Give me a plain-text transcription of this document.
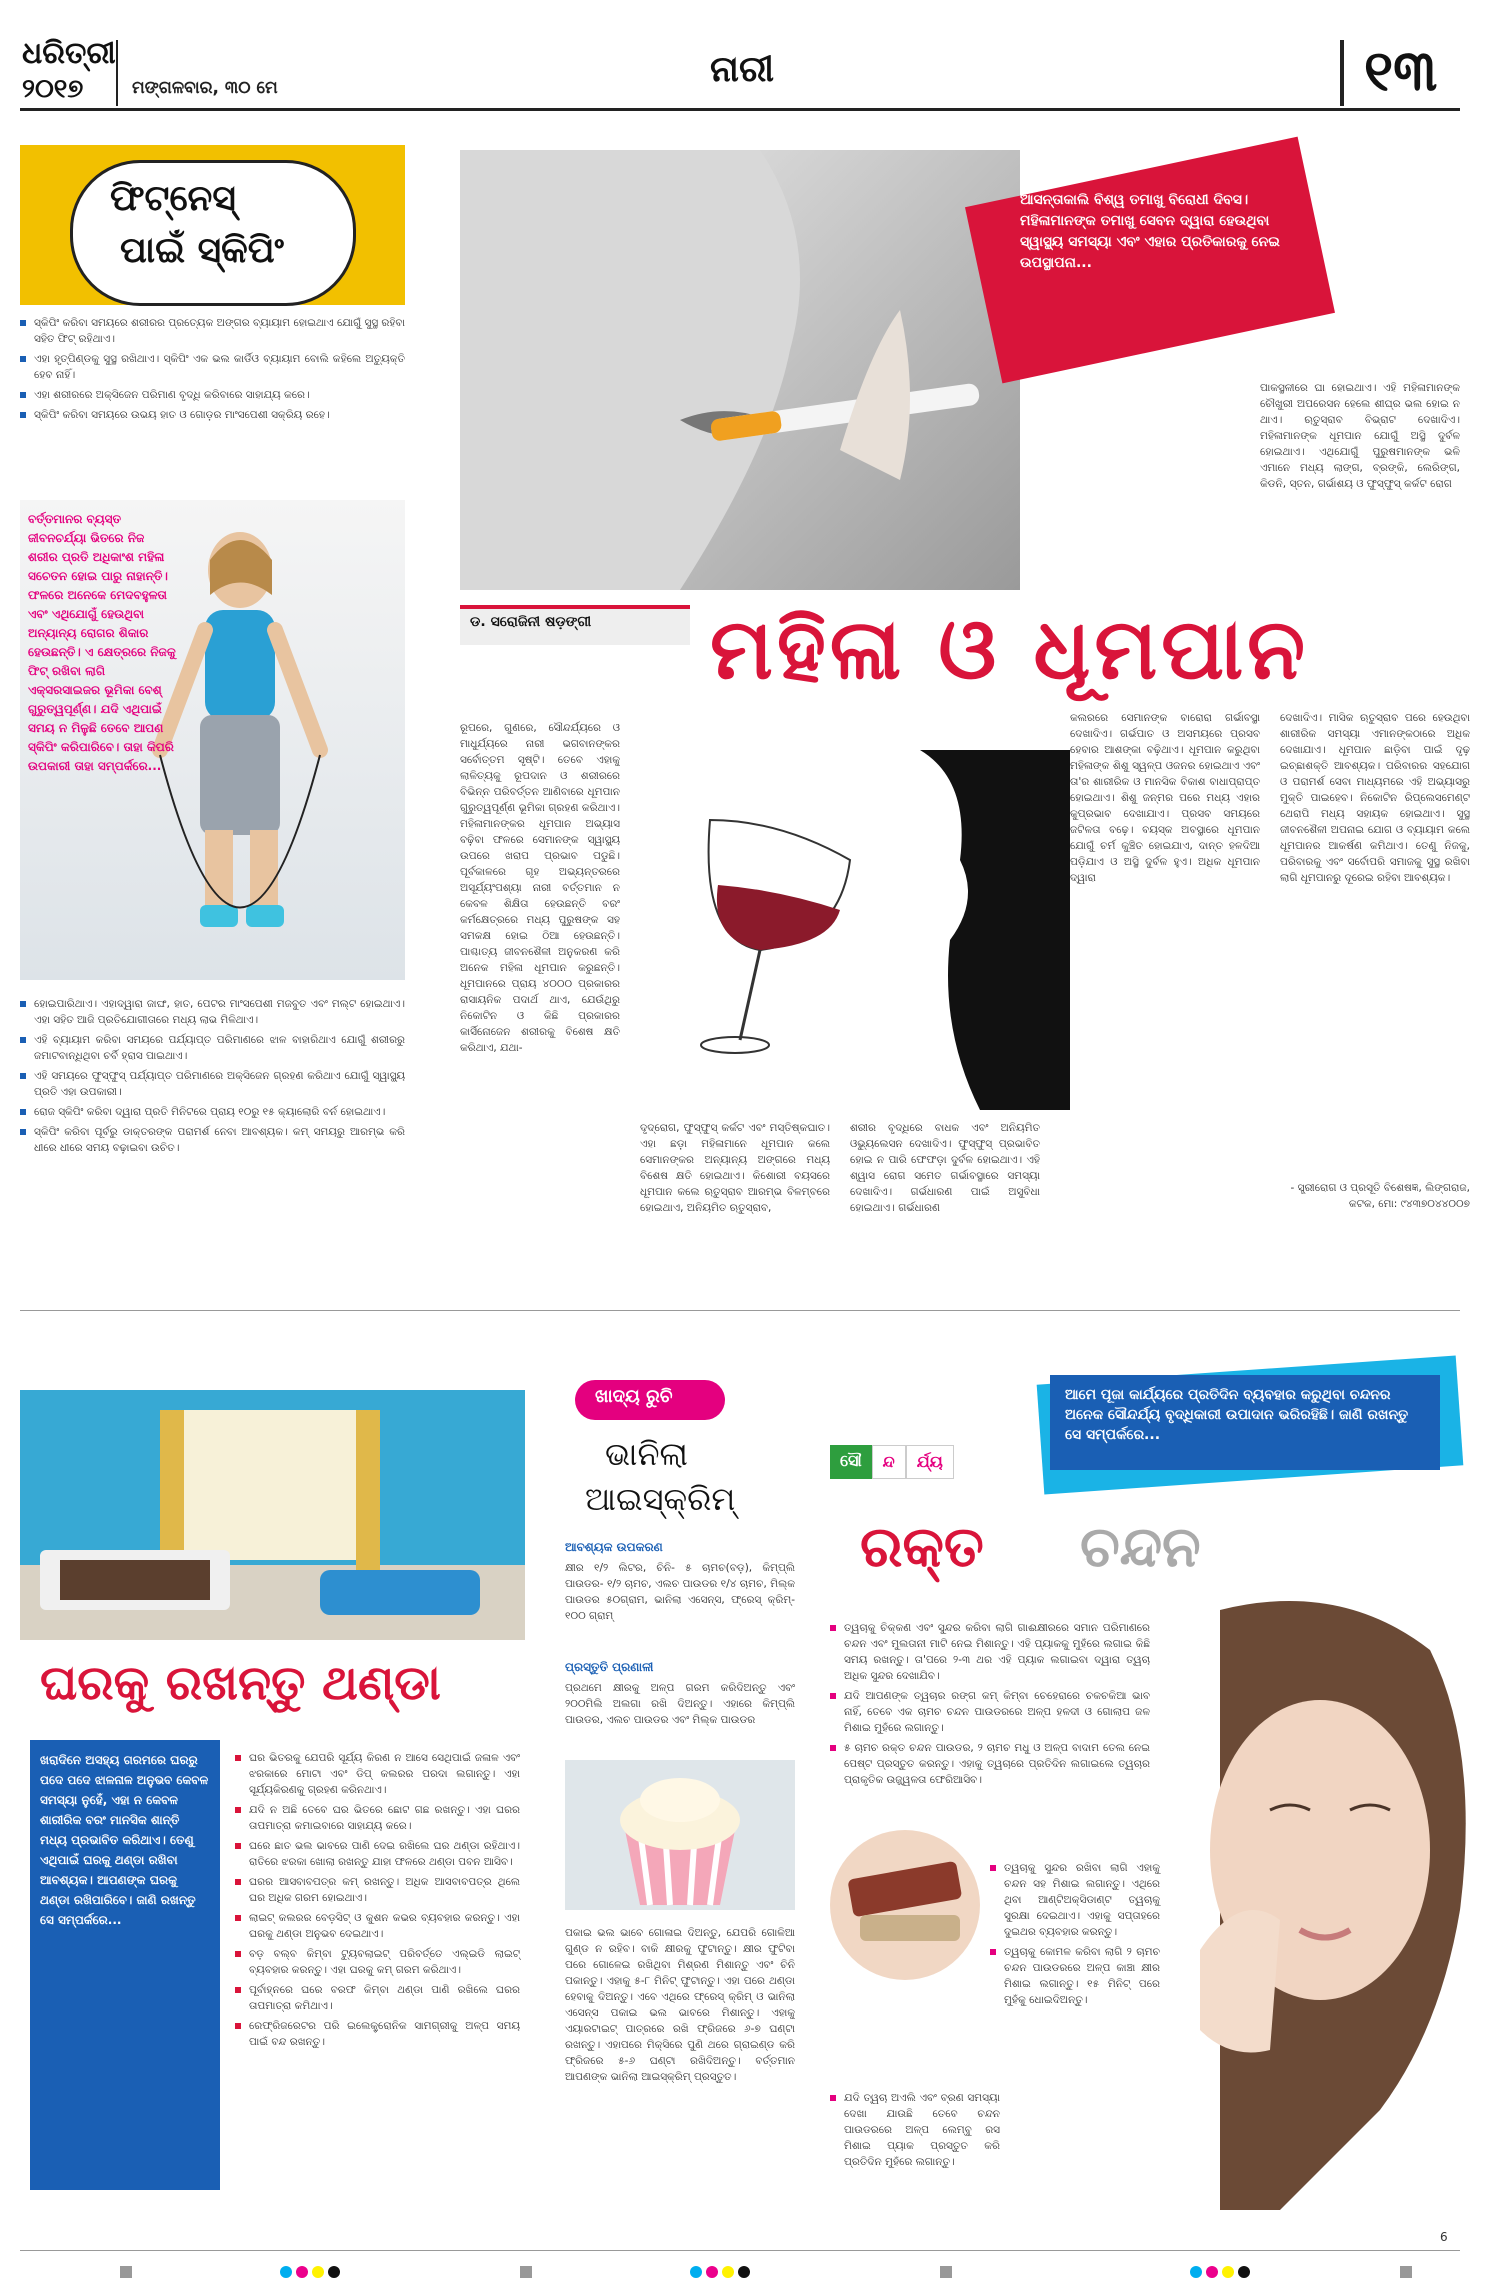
ଧରିତ୍ରୀ
୨୦୧୭	ମଙ୍ଗଳବାର, ୩୦ ମେ	ନାରୀ	୧୩
ଫିଟ୍‌ନେସ୍‌
ପାଇଁ ସ୍କିପିଂ
ସ୍କିପିଂ କରିବା ସମୟରେ ଶରୀରର ପ୍ରତ୍ୟେକ ଅଙ୍ଗର ବ୍ୟାୟାମ ହୋଇଥାଏ ଯୋଗୁଁ ସୁସ୍ଥ ରହିବା ସହିତ ଫିଟ୍ ରହିଥାଏ।
ଏହା ହୃତ୍‌ପିଣ୍ଡକୁ ସୁସ୍ଥ ରଖିଥାଏ। ସ୍କିପିଂ ଏକ ଭଲ କାର୍ଡିଓ ବ୍ୟାୟାମ ବୋଲି କହିଲେ ଅତ୍ୟୁକ୍ତି ହେବ ନାହିଁ।
ଏହା ଶରୀରରେ ଅକ୍ସିଜେନ ପରିମାଣ ବୃଦ୍ଧି କରିବାରେ ସାହାଯ୍ୟ କରେ।
ସ୍କିପିଂ କରିବା ସମୟରେ ଉଭୟ ହାତ ଓ ଗୋଡ଼ର ମାଂସପେଶୀ ସକ୍ରିୟ ରହେ।
ବର୍ତ୍ତମାନର ବ୍ୟସ୍ତ ଜୀବନଚର୍ଯ୍ୟା ଭିତରେ ନିଜ ଶରୀର ପ୍ରତି ଅଧିକାଂଶ ମହିଳା ସଚେତନ ହୋଇ ପାରୁ ନାହାନ୍ତି। ଫଳରେ ଅନେକେ ମେଦବହୁଳତା ଏବଂ ଏଥିଯୋଗୁଁ ହେଉଥିବା ଅନ୍ୟାନ୍ୟ ରୋଗର ଶିକାର ହେଉଛନ୍ତି। ଏ କ୍ଷେତ୍ରରେ ନିଜକୁ ଫିଟ୍ ରଖିବା ଲାଗି ଏକ୍ସରସାଇଜର ଭୂମିକା ବେଶ୍ ଗୁରୁତ୍ୱପୂର୍ଣ୍ଣ। ଯଦି ଏଥିପାଇଁ ସମୟ ନ ମିଳୁଛି ତେବେ ଆପଣ ସ୍କିପିଂ କରିପାରିବେ। ତାହା କିପରି ଉପକାରୀ ତାହା ସମ୍ପର୍କରେ...
ହୋଇପାରିଥାଏ। ଏହାଦ୍ୱାରା ଜାଙ୍ଘ, ହାତ, ପେଟର ମାଂସପେଶୀ ମଜବୁତ ଏବଂ ମଲ୍‌ଟ ହୋଇଥାଏ। ଏହା ସହିତ ଆଜି ପ୍ରତିଯୋଗୀତାରେ ମଧ୍ୟ ଲାଭ ମିଳିଥାଏ।
ଏହି ବ୍ୟାୟାମ କରିବା ସମୟରେ ପର୍ଯ୍ୟାପ୍ତ ପରିମାଣରେ ଝାଳ ବାହାରିଥାଏ ଯୋଗୁଁ ଶରୀରରୁ ଜମାଟବାନ୍ଧିଥିବା ଚର୍ବି ହ୍ରାସ ପାଇଥାଏ।
ଏହି ସମୟରେ ଫୁସ୍‌ଫୁସ୍ ପର୍ଯ୍ୟାପ୍ତ ପରିମାଣରେ ଅକ୍ସିଜେନ ଗ୍ରହଣ କରିଥାଏ ଯୋଗୁଁ ସ୍ୱାସ୍ଥ୍ୟ ପ୍ରତି ଏହା ଉପକାରୀ।
ରୋଜ ସ୍କିପିଂ କରିବା ଦ୍ୱାରା ପ୍ରତି ମିନିଟରେ ପ୍ରାୟ ୧୦ରୁ ୧୫ କ୍ୟାଲୋରି ବର୍ନ ହୋଇଥାଏ।
ସ୍କିପିଂ କରିବା ପୂର୍ବରୁ ଡାକ୍ତରଙ୍କ ପରାମର୍ଶ ନେବା ଆବଶ୍ୟକ। କମ୍ ସମୟରୁ ଆରମ୍ଭ କରି ଧୀରେ ଧୀରେ ସମୟ ବଢ଼ାଇବା ଉଚିତ।
ଆସନ୍ତାକାଲି ବିଶ୍ୱ ତମାଖୁ ବିରୋଧୀ ଦିବସ। ମହିଳାମାନଙ୍କ ତମାଖୁ ସେବନ ଦ୍ୱାରା ହେଉଥିବା ସ୍ୱାସ୍ଥ୍ୟ ସମସ୍ୟା ଏବଂ ଏହାର ପ୍ରତିକାରକୁ ନେଇ ଉପସ୍ଥାପନା...
ପାକସ୍ଥଳୀରେ ଘା ହୋଇଥାଏ। ଏହି ମହିଳାମାନଙ୍କ ଚୌଖୁରୀ ଅପରେସନ ହେଲେ ଶୀଘ୍ର ଭଲ ହୋଇ ନ ଥାଏ। ଋତୁସ୍ରାବ ବିଭ୍ରାଟ ଦେଖାଦିଏ। ମହିଳାମାନଙ୍କ ଧୂମପାନ ଯୋଗୁଁ ଅସ୍ଥି ଦୁର୍ବଳ ହୋଇଥାଏ। ଏଥିଯୋଗୁଁ ପୁରୁଷମାନଙ୍କ ଭଳି ଏମାନେ ମଧ୍ୟ ଲାଙ୍ଗ, ବ୍ରଙ୍କି, ଲେରିଙ୍ଗ, କିଡନି, ସ୍ତନ, ଗର୍ଭାଶୟ ଓ ଫୁସ୍‌ଫୁସ୍ କର୍କଟ ରୋଗ
ଡ. ସରୋଜିନୀ ଷଡ଼ଙ୍ଗୀ ମହିଳା ଓ ଧୂମପାନ
ରୂପରେ, ଗୁଣରେ, ସୌନ୍ଦର୍ଯ୍ୟରେ ଓ ମାଧୁର୍ଯ୍ୟରେ ନାରୀ ଭଗବାନଙ୍କର ସର୍ବୋତ୍ତମ ସୃଷ୍ଟି। ତେବେ ଏହାକୁ ଲାଳିତ୍ୟକୁ ରୂପଦାନ ଓ ଶରୀରରେ ବିଭିନ୍ନ ପରିବର୍ତ୍ତନ ଆଣିବାରେ ଧୂମପାନ ଗୁରୁତ୍ୱପୂର୍ଣ୍ଣ ଭୂମିକା ଗ୍ରହଣ କରିଥାଏ। ମହିଳାମାନଙ୍କର ଧୂମପାନ ଅଭ୍ୟାସ ବଢ଼ିବା ଫଳରେ ସେମାନଙ୍କ ସ୍ୱାସ୍ଥ୍ୟ ଉପରେ ଖରାପ ପ୍ରଭାବ ପଡୁଛି। ପୂର୍ବକାଳରେ ଗୃହ ଅଭ୍ୟନ୍ତରରେ ଅସୂର୍ଯ୍ୟଂପଶ୍ୟା ନାରୀ ବର୍ତ୍ତମାନ ନ କେବଳ ଶିକ୍ଷିତା ହେଉଛନ୍ତି ବରଂ କର୍ମକ୍ଷେତ୍ରରେ ମଧ୍ୟ ପୁରୁଷଙ୍କ ସହ ସମକକ୍ଷ ହୋଇ ଠିଆ ହେଉଛନ୍ତି। ପାଶ୍ଚାତ୍ୟ ଜୀବନଶୈଳୀ ଅନୁକରଣ କରି ଅନେକ ମହିଳା ଧୂମପାନ କରୁଛନ୍ତି। ଧୂମପାନରେ ପ୍ରାୟ ୪୦୦୦ ପ୍ରକାରର ରାସାୟନିକ ପଦାର୍ଥ ଥାଏ, ଯେଉଁଥିରୁ ନିକୋଟିନ ଓ କିଛି ପ୍ରକାରର କାର୍ସିନୋଜେନ ଶରୀରକୁ ବିଶେଷ କ୍ଷତି କରିଥାଏ, ଯଥା-
ଦୃଦ୍‌ରୋଗ, ଫୁସ୍‌ଫୁସ୍ କର୍କଟ ଏବଂ ମସ୍ତିଷ୍କଘାତ। ଏହା ଛଡ଼ା ମହିଳାମାନେ ଧୂମପାନ କଲେ ସେମାନଙ୍କର ଅନ୍ୟାନ୍ୟ ଅଙ୍ଗରେ ମଧ୍ୟ ବିଶେଷ କ୍ଷତି ହୋଇଥାଏ। କିଶୋରୀ ବୟସରେ ଧୂମପାନ କଲେ ଋତୁସ୍ରାବ ଆରମ୍ଭ ବିଳମ୍ବରେ ହୋଇଥାଏ, ଅନିୟମିତ ଋତୁସ୍ରାବ,
ଶରୀର ବୃଦ୍ଧିରେ ବାଧକ ଏବଂ ଅନିୟମିତ ଓଭ୍ୟୁଲେସନ ଦେଖାଦିଏ। ଫୁସ୍‌ଫୁସ୍ ପ୍ରଭାବିତ ହୋଇ ନ ପାରି ଫେଫଡ଼ା ଦୁର୍ବଳ ହୋଇଥାଏ। ଏହି ଶ୍ୱାସ ରୋଗ ସମେତ ଗର୍ଭାବସ୍ଥାରେ ସମସ୍ୟା ଦେଖାଦିଏ। ଗର୍ଭଧାରଣ ପାଇଁ ଅସୁବିଧା ହୋଇଥାଏ। ଗର୍ଭଧାରଣ
କଲରରେ ସେମାନଙ୍କ ବାରୋରା ଗର୍ଭାବସ୍ଥା ଦେଖାଦିଏ। ଗର୍ଭପାତ ଓ ଅସମୟରେ ପ୍ରସବ ହେବାର ଆଶଙ୍କା ବଢ଼ିଥାଏ। ଧୂମପାନ କରୁଥିବା ମହିଳାଙ୍କ ଶିଶୁ ସ୍ୱଳ୍ପ ଓଜନର ହୋଇଥାଏ ଏବଂ ତା'ର ଶାରୀରିକ ଓ ମାନସିକ ବିକାଶ ବାଧାପ୍ରାପ୍ତ ହୋଇଥାଏ। ଶିଶୁ ଜନ୍ମର ପରେ ମଧ୍ୟ ଏହାର କୁପ୍ରଭାବ ଦେଖାଯାଏ। ପ୍ରସବ ସମୟରେ ଜଟିଳତା ବଢ଼େ। ବୟସ୍କ ଅବସ୍ଥାରେ ଧୂମପାନ ଯୋଗୁଁ ଚର୍ମ କୁଞ୍ଚିତ ହୋଇଯାଏ, ଦାନ୍ତ ହଳଦିଆ ପଡ଼ିଯାଏ ଓ ଅସ୍ଥି ଦୁର୍ବଳ ହୁଏ। ଅଧିକ ଧୂମପାନ ଦ୍ୱାରା
ଦେଖାଦିଏ। ମାସିକ ଋତୁସ୍ରାବ ପରେ ହେଉଥିବା ଶାରୀରିକ ସମସ୍ୟା ଏମାନଙ୍କଠାରେ ଅଧିକ ଦେଖାଯାଏ। ଧୂମପାନ ଛାଡ଼ିବା ପାଇଁ ଦୃଢ଼ ଇଚ୍ଛାଶକ୍ତି ଆବଶ୍ୟକ। ପରିବାରର ସହଯୋଗ ଓ ପରାମର୍ଶ ସେବା ମାଧ୍ୟମରେ ଏହି ଅଭ୍ୟାସରୁ ମୁକ୍ତି ପାଇହେବ। ନିକୋଟିନ ରିପ୍ଲେସମେଣ୍ଟ ଥେରାପି ମଧ୍ୟ ସହାୟକ ହୋଇଥାଏ। ସୁସ୍ଥ ଜୀବନଶୈଳୀ ଅପନାଇ ଯୋଗ ଓ ବ୍ୟାୟାମ କଲେ ଧୂମପାନର ଆକର୍ଷଣ କମିଥାଏ। ତେଣୁ ନିଜକୁ, ପରିବାରକୁ ଏବଂ ସର୍ବୋପରି ସମାଜକୁ ସୁସ୍ଥ ରଖିବା ଲାଗି ଧୂମପାନରୁ ଦୂରେଇ ରହିବା ଆବଶ୍ୟକ।
- ସ୍ତ୍ରୀରୋଗ ଓ ପ୍ରସୂତି ବିଶେଷଜ୍ଞ, ଲିଙ୍ଗରାଜ, କଟକ, ମୋ: ୯୪୩୭୦୪୪୦୦୭
ଘରକୁ ରଖନ୍ତୁ ଥଣ୍ଡା
ଖରାଦିନେ ଅସହ୍ୟ ଗରମରେ ଘରରୁ ପଦେ ପଦେ ଝାଳନାଳ ଅନୁଭବ କେବଳ ସମସ୍ୟା ନୁହେଁ, ଏହା ନ କେବଳ ଶାରୀରିକ ବରଂ ମାନସିକ ଶାନ୍ତି ମଧ୍ୟ ପ୍ରଭାବିତ କରିଥାଏ। ତେଣୁ ଏଥିପାଇଁ ଘରକୁ ଥଣ୍ଡା ରଖିବା ଆବଶ୍ୟକ। ଆପଣଙ୍କ ଘରକୁ ଥଣ୍ଡା ରଖିପାରିବେ। ଜାଣି ରଖନ୍ତୁ ସେ ସମ୍ପର୍କରେ...
ଘର ଭିତରକୁ ଯେପରି ସୂର୍ଯ୍ୟ କିରଣ ନ ଆସେ ସେଥିପାଇଁ ଜଳାଳ ଏବଂ ଝରକାରେ ମୋଟା ଏବଂ ଡିପ୍ କଲରର ପରଦା ଲଗାନ୍ତୁ। ଏହା ସୂର୍ଯ୍ୟକିରଣକୁ ଗ୍ରହଣ କରିନଥାଏ।
ଯଦି ନ ଅଛି ତେବେ ଘର ଭିତରେ ଛୋଟ ଗଛ ରଖନ୍ତୁ। ଏହା ଘରର ତାପମାତ୍ରା କମାଇବାରେ ସାହାଯ୍ୟ କରେ।
ଘରେ ଛାତ ଭଲ ଭାବରେ ପାଣି ଦେଇ ରଖିଲେ ଘର ଥଣ୍ଡା ରହିଥାଏ। ରାତିରେ ଝରକା ଖୋଲା ରଖନ୍ତୁ ଯାହା ଫଳରେ ଥଣ୍ଡା ପବନ ଆସିବ।
ଘରର ଆସବାବପତ୍ର କମ୍ ରଖନ୍ତୁ। ଅଧିକ ଆସବାବପତ୍ର ଥିଲେ ଘର ଅଧିକ ଗରମ ହୋଇଥାଏ।
ଲାଇଟ୍ କଲରର ବେଡ଼ସିଟ୍ ଓ କୁଶନ କଭର ବ୍ୟବହାର କରନ୍ତୁ। ଏହା ଘରକୁ ଥଣ୍ଡା ଅନୁଭବ ଦେଇଥାଏ।
ବଡ଼ ବଲ୍ବ କିମ୍ବା ଟ୍ୟୁବଲାଇଟ୍ ପରିବର୍ତ୍ତେ ଏଲ୍‌ଇଡି ଲାଇଟ୍ ବ୍ୟବହାର କରନ୍ତୁ। ଏହା ଘରକୁ କମ୍ ଗରମ କରିଥାଏ।
ପୂର୍ବାହ୍ନରେ ଘରେ ବରଫ କିମ୍ବା ଥଣ୍ଡା ପାଣି ରଖିଲେ ଘରର ତାପମାତ୍ରା କମିଥାଏ।
ରେଫ୍ରିଜରେଟର ପରି ଇଲେକ୍ଟ୍ରୋନିକ ସାମଗ୍ରୀକୁ ଅଳ୍ପ ସମୟ ପାଇଁ ବନ୍ଦ ରଖନ୍ତୁ।
ଖାଦ୍ୟ ରୁଚି
ଭାନିଲା
ଆଇସ୍‌କ୍ରିମ୍
ଆବଶ୍ୟକ ଉପକରଣ
କ୍ଷୀର ୧/୨ ଲିଟର, ଚିନି- ୫ ଚାମଚ(ବଡ଼), କିମ୍‌ପ୍ଲି ପାଉଡର- ୧/୨ ଚାମଚ, ଏଲଚ ପାଉଡର ୧/୪ ଚାମଚ, ମିଲ୍କ ପାଉଡର ୫୦ଗ୍ରାମ, ଭାନିଲା ଏସେନ୍ସ, ଫ୍ରେସ୍ କ୍ରିମ୍- ୧୦୦ ଗ୍ରାମ୍
ପ୍ରସ୍ତୁତି ପ୍ରଣାଳୀ
ପ୍ରଥମେ କ୍ଷୀରକୁ ଅଳ୍ପ ଗରମ କରିଦିଅନ୍ତୁ ଏବଂ ୨୦୦ମିଲି ଅଲଗା ରଖି ଦିଅନ୍ତୁ। ଏହାରେ କିମ୍‌ପ୍ଲି ପାଉଡର, ଏଲଚ ପାଉଡର ଏବଂ ମିଲ୍କ ପାଉଡର
ପକାଇ ଭଲ ଭାବେ ଗୋଳାଇ ଦିଅନ୍ତୁ, ଯେପରି ଗୋଳିଆ ଗୁଣ୍ଡ ନ ରହିବ। ବାକି କ୍ଷୀରକୁ ଫୁଟାନ୍ତୁ। କ୍ଷୀର ଫୁଟିବା ପରେ ଗୋଳେଇ ରଖିଥିବା ମିଶ୍ରଣ ମିଶାନ୍ତୁ ଏବଂ ଚିନି ପକାନ୍ତୁ। ଏହାକୁ ୫-୮ ମିନିଟ୍ ଫୁଟାନ୍ତୁ। ଏହା ପରେ ଥଣ୍ଡା ହେବାକୁ ଦିଅନ୍ତୁ। ଏବେ ଏଥିରେ ଫ୍ରେସ୍ କ୍ରିମ୍ ଓ ଭାନିଲା ଏସେନ୍ସ ପକାଇ ଭଲ ଭାବରେ ମିଶାନ୍ତୁ। ଏହାକୁ ଏୟାରଟାଇଟ୍ ପାତ୍ରରେ ରଖି ଫ୍ରିଜରେ ୬-୭ ଘଣ୍ଟା ରଖନ୍ତୁ। ଏହାପରେ ମିକ୍ସିରେ ପୁଣି ଥରେ ଗ୍ରାଇଣ୍ଡ କରି ଫ୍ରିଜରେ ୫-୬ ଘଣ୍ଟା ରଖିଦିଅନ୍ତୁ। ବର୍ତ୍ତମାନ ଆପଣଙ୍କ ଭାନିଲା ଆଇସ୍‌କ୍ରିମ୍ ପ୍ରସ୍ତୁତ।
ଆମେ ପୂଜା କାର୍ଯ୍ୟରେ ପ୍ରତିଦିନ ବ୍ୟବହାର କରୁଥିବା ଚନ୍ଦନର ଅନେକ ସୌନ୍ଦର୍ଯ୍ୟ ବୃଦ୍ଧିକାରୀ ଉପାଦାନ ଭରିରହିଛି। ଜାଣି ରଖନ୍ତୁ ସେ ସମ୍ପର୍କରେ...
ସୌ	ନ୍ଦ	ର୍ଯ୍ୟ
ରକ୍ତ ଚନ୍ଦନ
ତ୍ୱଚାକୁ ଚିକ୍କଣ ଏବଂ ସୁନ୍ଦର କରିବା ଲାଗି ଗାଈକ୍ଷୀରରେ ସମାନ ପରିମାଣରେ ଚନ୍ଦନ ଏବଂ ମୁଲତାନୀ ମାଟି ନେଇ ମିଶାନ୍ତୁ। ଏହି ପ୍ୟାକକୁ ମୁହଁରେ ଲଗାଇ କିଛି ସମୟ ରଖନ୍ତୁ। ତା'ପରେ ୨-୩ ଥର ଏହି ପ୍ୟାକ ଲଗାଇବା ଦ୍ୱାରା ତ୍ୱଚା ଅଧିକ ସୁନ୍ଦର ଦେଖାଯିବ।
ଯଦି ଆପଣଙ୍କ ତ୍ୱଚାର ରଙ୍ଗ କମ୍ କିମ୍ବା ଚେହେରାରେ ଚକଚକିଆ ଭାବ ନାହିଁ, ତେବେ ଏକ ଚାମଚ ଚନ୍ଦନ ପାଉଡରରେ ଅଳ୍ପ ହଳଦୀ ଓ ଗୋଲାପ ଜଳ ମିଶାଇ ମୁହଁରେ ଲଗାନ୍ତୁ।
୫ ଚାମଚ ରକ୍ତ ଚନ୍ଦନ ପାଉଡର, ୨ ଚାମଚ ମଧୁ ଓ ଅଳ୍ପ ବାଦାମ ତେଲ ନେଇ ପେଷ୍ଟ ପ୍ରସ୍ତୁତ କରନ୍ତୁ। ଏହାକୁ ତ୍ୱଚାରେ ପ୍ରତିଦିନ ଲଗାଇଲେ ତ୍ୱଚାର ପ୍ରାକୃତିକ ଉଜ୍ଜ୍ୱଳତା ଫେରିଆସିବ।
ତ୍ୱଚାକୁ ସୁନ୍ଦର ରଖିବା ଲାଗି ଏହାକୁ ଚନ୍ଦନ ସହ ମିଶାଇ ଲଗାନ୍ତୁ। ଏଥିରେ ଥିବା ଆଣ୍ଟିଅକ୍ସିଡାଣ୍ଟ ତ୍ୱଚାକୁ ସୁରକ୍ଷା ଦେଇଥାଏ। ଏହାକୁ ସପ୍ତାହରେ ଦୁଇଥର ବ୍ୟବହାର କରନ୍ତୁ।
ତ୍ୱଚାକୁ କୋମଳ କରିବା ଲାଗି ୨ ଚାମଚ ଚନ୍ଦନ ପାଉଡରରେ ଅଳ୍ପ କାଞ୍ଚା କ୍ଷୀର ମିଶାଇ ଲଗାନ୍ତୁ। ୧୫ ମିନିଟ୍ ପରେ ମୁହଁକୁ ଧୋଇଦିଅନ୍ତୁ।
ଯଦି ତ୍ୱଚା ଅଏଲି ଏବଂ ବ୍ରଣ ସମସ୍ୟା ଦେଖା ଯାଉଛି ତେବେ ଚନ୍ଦନ ପାଉଡରରେ ଅଳ୍ପ ଲେମ୍ବୁ ରସ ମିଶାଇ ପ୍ୟାକ ପ୍ରସ୍ତୁତ କରି ପ୍ରତିଦିନ ମୁହଁରେ ଲଗାନ୍ତୁ।
6
